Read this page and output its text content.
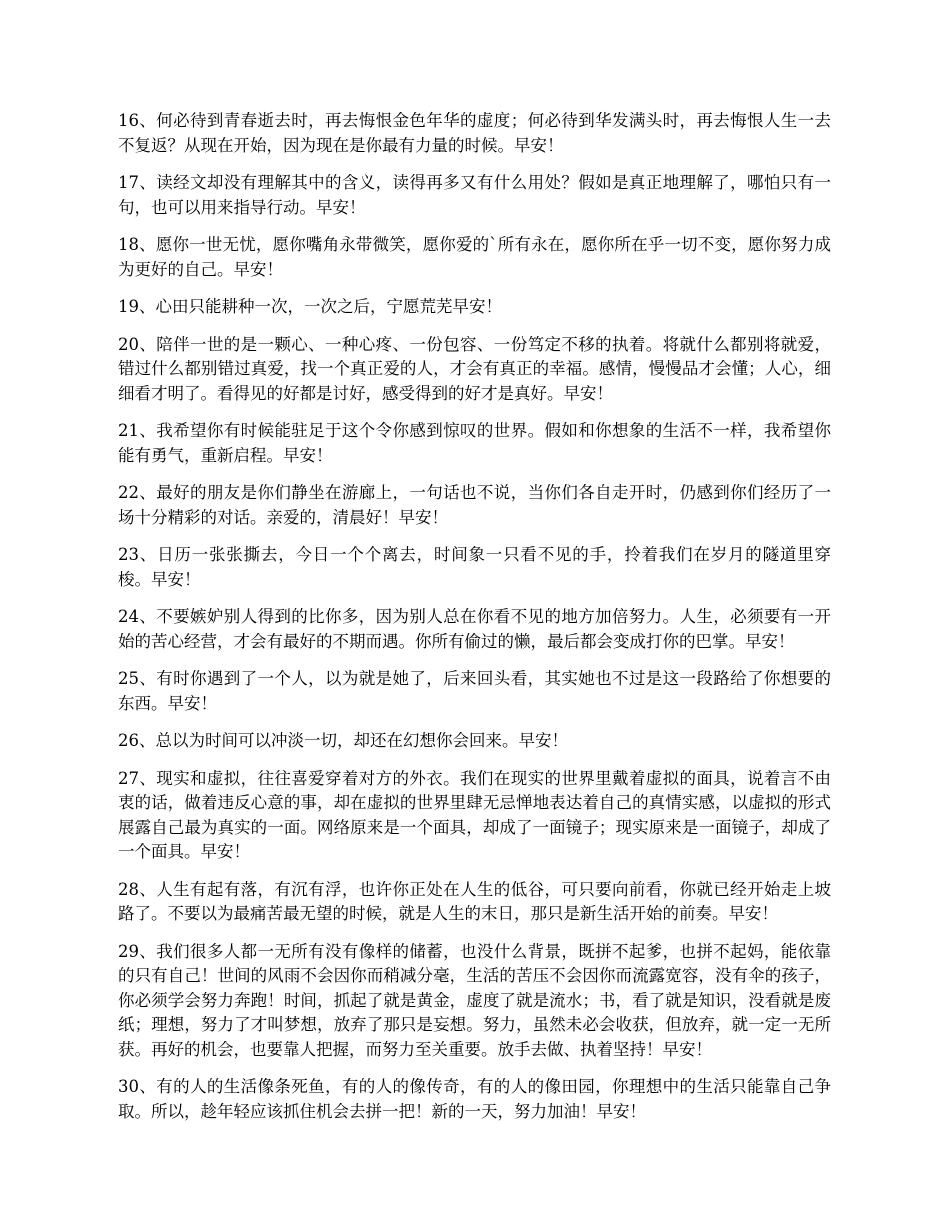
16、何必待到青春逝去时，再去悔恨金色年华的虚度；何必待到华发满头时，再去悔恨人生一去不复返？从现在开始，因为现在是你最有力量的时候。早安！

17、读经文却没有理解其中的含义，读得再多又有什么用处？假如是真正地理解了，哪怕只有一句，也可以用来指导行动。早安！

18、愿你一世无忧，愿你嘴角永带微笑，愿你爱的`所有永在，愿你所在乎一切不变，愿你努力成为更好的自己。早安！

19、心田只能耕种一次，一次之后，宁愿荒芜早安！

20、陪伴一世的是一颗心、一种心疼、一份包容、一份笃定不移的执着。将就什么都别将就爱，错过什么都别错过真爱，找一个真正爱的人，才会有真正的幸福。感情，慢慢品才会懂；人心，细细看才明了。看得见的好都是讨好，感受得到的好才是真好。早安！

21、我希望你有时候能驻足于这个令你感到惊叹的世界。假如和你想象的生活不一样，我希望你能有勇气，重新启程。早安！

22、最好的朋友是你们静坐在游廊上，一句话也不说，当你们各自走开时，仍感到你们经历了一场十分精彩的对话。亲爱的，清晨好！早安！

23、日历一张张撕去，今日一个个离去，时间象一只看不见的手，拎着我们在岁月的隧道里穿梭。早安！

24、不要嫉妒别人得到的比你多，因为别人总在你看不见的地方加倍努力。人生，必须要有一开始的苦心经营，才会有最好的不期而遇。你所有偷过的懒，最后都会变成打你的巴掌。早安！

25、有时你遇到了一个人，以为就是她了，后来回头看，其实她也不过是这一段路给了你想要的东西。早安！

26、总以为时间可以冲淡一切，却还在幻想你会回来。早安！

27、现实和虚拟，往往喜爱穿着对方的外衣。我们在现实的世界里戴着虚拟的面具，说着言不由衷的话，做着违反心意的事，却在虚拟的世界里肆无忌惮地表达着自己的真情实感，以虚拟的形式展露自己最为真实的一面。网络原来是一个面具，却成了一面镜子；现实原来是一面镜子，却成了一个面具。早安！

28、人生有起有落，有沉有浮，也许你正处在人生的低谷，可只要向前看，你就已经开始走上坡路了。不要以为最痛苦最无望的时候，就是人生的末日，那只是新生活开始的前奏。早安！

29、我们很多人都一无所有没有像样的储蓄，也没什么背景，既拼不起爹，也拼不起妈，能依靠的只有自己！世间的风雨不会因你而稍减分毫，生活的苦压不会因你而流露宽容，没有伞的孩子，你必须学会努力奔跑！时间，抓起了就是黄金，虚度了就是流水；书，看了就是知识，没看就是废纸；理想，努力了才叫梦想，放弃了那只是妄想。努力，虽然未必会收获，但放弃，就一定一无所获。再好的机会，也要靠人把握，而努力至关重要。放手去做、执着坚持！早安！

30、有的人的生活像条死鱼，有的人的像传奇，有的人的像田园，你理想中的生活只能靠自己争取。所以，趁年轻应该抓住机会去拼一把！新的一天，努力加油！早安！
